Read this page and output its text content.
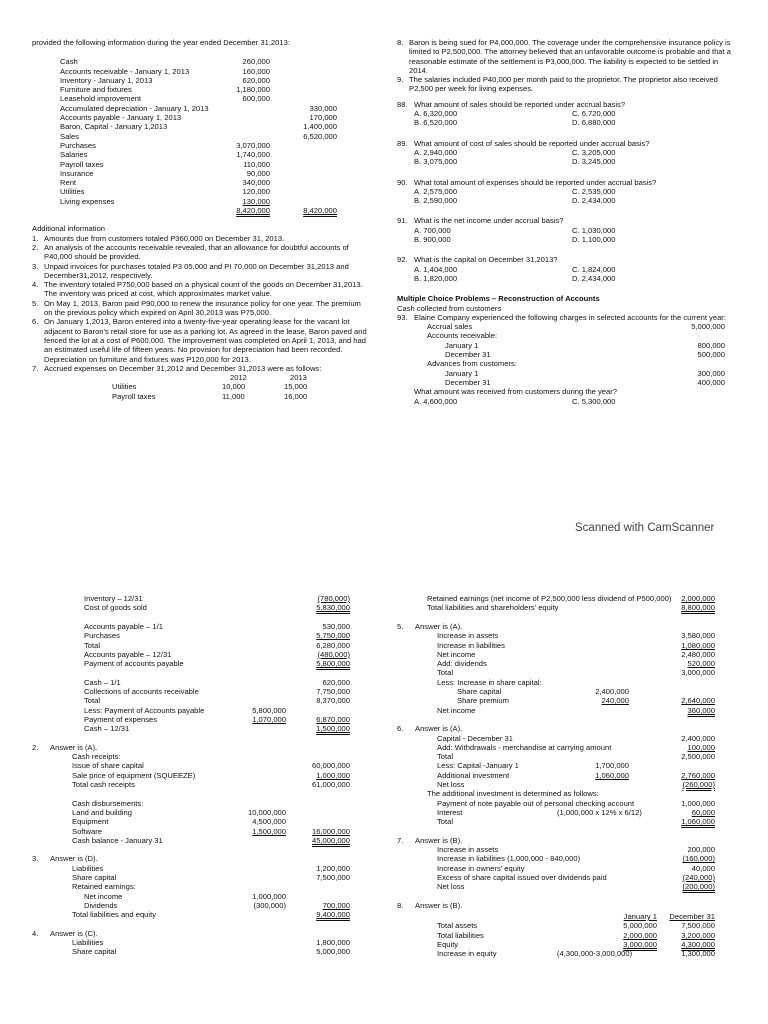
provided the following information during the year ended December 31,2013:
Cash	260,000
Accounts receivable - January 1, 2013	160,000
Inventory - January 1, 2013	620,000
Furniture and fixtures	1,180,000
Leasehold improvement	600,000
Accumulated depreciation - January 1, 2013	330,000
Accounts payable - January 1, 2013	170,000
Baron, Capital - January 1,2013	1,400,000
Sales	6,520,000
Purchases	3,070,000
Salaries	1,740,000
Payroll taxes	110,000
Insurance	90,000
Rent	340,000
Utilities	120,000
Living expenses	130,000
8,420,000	8,420,000
Additional information
1. Amounts due from customers totaled P360,000 on December 31, 2013.
2. An analysis of the accounts receivable revealed, that an allowance for doubtful accounts of
P40,000 should be provided.
3. Unpaid invoices for purchases totaled P3 05,000 and PI 70,000 on December 31,2013 and
December31,2012, respectively.
4. The inventory totaled P750,000 based on a physical count of the goods on December 31,2013.
The inventory was priced at cost, which approximates market value.
5. On May 1, 2013, Baron paid P90,000 to renew the insurance policy for one year. The premium
on the previous policy which expired on April 30,2013 was P75,000.
6. On January 1,2013, Baron entered into a twenty-five-year operating lease for the vacant lot
adjacent to Baron's retail store for use as a parking lot. As agreed in the lease, Baron paved and
fenced the lot at a cost of P600,000. The improvement was completed on April 1, 2013, and had
an estimated useful life of fifteen years. No provision for depreciation had been recorded.
Depreciation on furniture and fixtures was P120,000 for 2013.
7. Accrued expenses on December 31,2012 and December 31,2013 were as follows:
2012	2013
Utilities	10,000	15,000
Payroll taxes	11,000	16,000
8. Baron is being sued for P4,000,000. The coverage under the comprehensive insurance policy is
limited to P2,500,000. The attorney believed that an unfavorable outcome is probable and that a
reasonable estimate of the settlement is P3,000,000. The liability is expected to be settled in
2014.
9. The salaries included P40,000 per month paid to the proprietor. The proprietor also received
P2,500 per week for living expenses.
88. What amount of sales should be reported under accrual basis?
A. 6,320,000	C. 6,720,000
B. 6,520,000	D. 6,880,000
89. What amount of cost of sales should be reported under accrual basis?
A. 2,940,000	C. 3,205,000
B. 3,075,000	D. 3,245,000
90. What total amount of expenses should be reported under accrual basis?
A. 2,575,000	C. 2,535,000
B. 2,590,000	D. 2,434,000
91. What is the net income under accrual basis?
A. 700,000	C. 1,030,000
B. 900,000	D. 1,100,000
92. What is the capital on December 31,2013?
A. 1,404,000	C. 1,824,000
B. 1,820,000	D. 2,434,000
Multiple Choice Problems – Reconstruction of Accounts
Cash collected from customers
93. Elaine Company experienced the following charges in selected accounts for the current year:
Accrual sales	5,000,000
Accounts receivable:
January 1	800,000
December 31	500,000
Advances from customers:
January 1	300,000
December 31	400,000
What amount was received from customers during the year?
A. 4,600,000	C. 5,300,000
Scanned with CamScanner
Inventory – 12/31	(780,000)
Cost of goods sold	5,830,000
Accounts payable – 1/1	530,000
Purchases	5,750,000
Total	6,280,000
Accounts payable – 12/31	(480,000)
Payment of accounts payable	5,800,000
Cash – 1/1	620,000
Collections of accounts receivable	7,750,000
Total	8,370,000
Less: Payment of Accounts payable	5,800,000
Payment of expenses	1,070,000	6,870,000
Cash – 12/31	1,500,000
2. Answer is (A).
Cash receipts:
Issue of share capital	60,000,000
Sale price of equipment (SQUEEZE)	1,000,000
Total cash receipts	61,000,000
Cash disbursements:
Land and building	10,000,000
Equipment	4,500,000
Software	1,500,000	16,000,000
Cash balance - January 31	45,000,000
3. Answer is (D).
Liabilities	1,200,000
Share capital	7,500,000
Retained earnings:
Net income	1,000,000
Dividends	(300,000)	700,000
Total liabilities and equity	9,400,000
4. Answer is (C).
Liabilities	1,800,000
Share capital	5,000,000
Retained earnings (net income of P2,500,000 less dividend of P500,000) 2,000,000
Total liabilities and shareholders' equity	8,800,000
5. Answer is (A).
Increase in assets	3,580,000
Increase in liabilities	1,080,000
Net income	2,480,000
Add: dividends	520,000
Total	3,000,000
Less: Increase in share capital:
Share capital	2,400,000
Share premium	240,000	2,640,000
Net income	360,000
6. Answer is (A).
Capital - December 31	2,400,000
Add: Withdrawals - merchandise at carrying amount	100,000
Total	2,500,000
Less: Capital -January 1	1,700,000
Additional investment	1,060,000	2,760,000
Net loss	(260,000)
The additional investment is determined as follows:
Payment of note payable out of personal checking account	1,000,000
Interest	(1,000,000 x 12% x 6/12)	60,000
Total	1,060,000
7. Answer is (B).
Increase in assets	200,000
Increase in liabilities (1,000,000 - 840,000)	(160,000)
Increase in owners' equity	40,000
Excess of share capital issued over dividends paid	(240,000)
Net loss	(200,000)
8. Answer is (B).
January 1 December 31
Total assets	5,000,000	7,500,000
Total liabilities	2,000,000	3,200,000
Equity	3,000,000	4,300,000
Increase in equity	(4,300,000-3,000,000)	1,300,000
